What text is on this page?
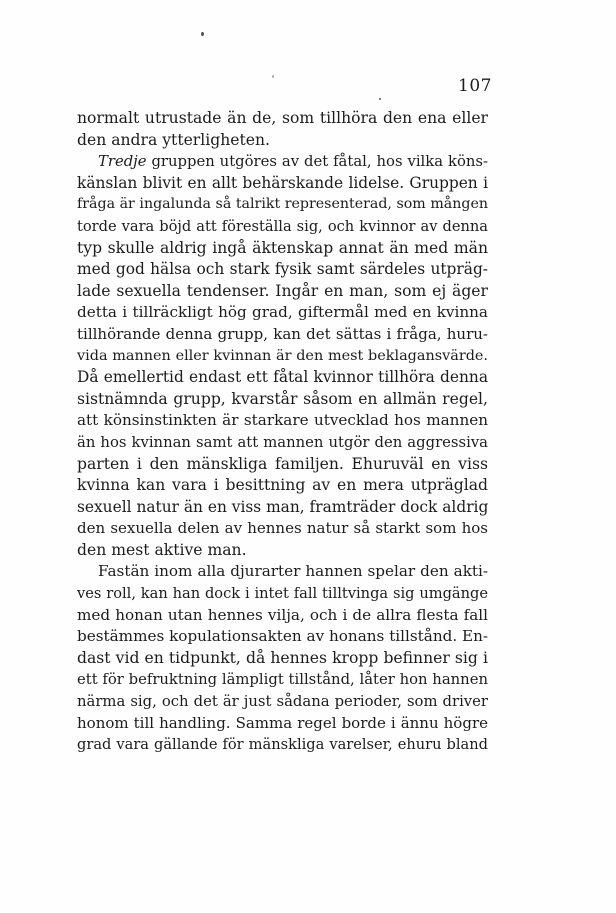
107
normalt utrustade än de, som tillhöra den ena eller
den andra ytterligheten.
Tredje gruppen utgöres av det fåtal, hos vilka köns-
känslan blivit en allt behärskande lidelse. Gruppen i
fråga är ingalunda så talrikt representerad, som mången
torde vara böjd att föreställa sig, och kvinnor av denna
typ skulle aldrig ingå äktenskap annat än med män
med god hälsa och stark fysik samt särdeles utpräg-
lade sexuella tendenser. Ingår en man, som ej äger
detta i tillräckligt hög grad, giftermål med en kvinna
tillhörande denna grupp, kan det sättas i fråga, huru-
vida mannen eller kvinnan är den mest beklagansvärde.
Då emellertid endast ett fåtal kvinnor tillhöra denna
sistnämnda grupp, kvarstår såsom en allmän regel,
att könsinstinkten är starkare utvecklad hos mannen
än hos kvinnan samt att mannen utgör den aggressiva
parten i den mänskliga familjen. Ehuruväl en viss
kvinna kan vara i besittning av en mera utpräglad
sexuell natur än en viss man, framträder dock aldrig
den sexuella delen av hennes natur så starkt som hos
den mest aktive man.
Fastän inom alla djurarter hannen spelar den akti-
ves roll, kan han dock i intet fall tilltvinga sig umgänge
med honan utan hennes vilja, och i de allra flesta fall
bestämmes kopulationsakten av honans tillstånd. En-
dast vid en tidpunkt, då hennes kropp befinner sig i
ett för befruktning lämpligt tillstånd, låter hon hannen
närma sig, och det är just sådana perioder, som driver
honom till handling. Samma regel borde i ännu högre
grad vara gällande för mänskliga varelser, ehuru bland
